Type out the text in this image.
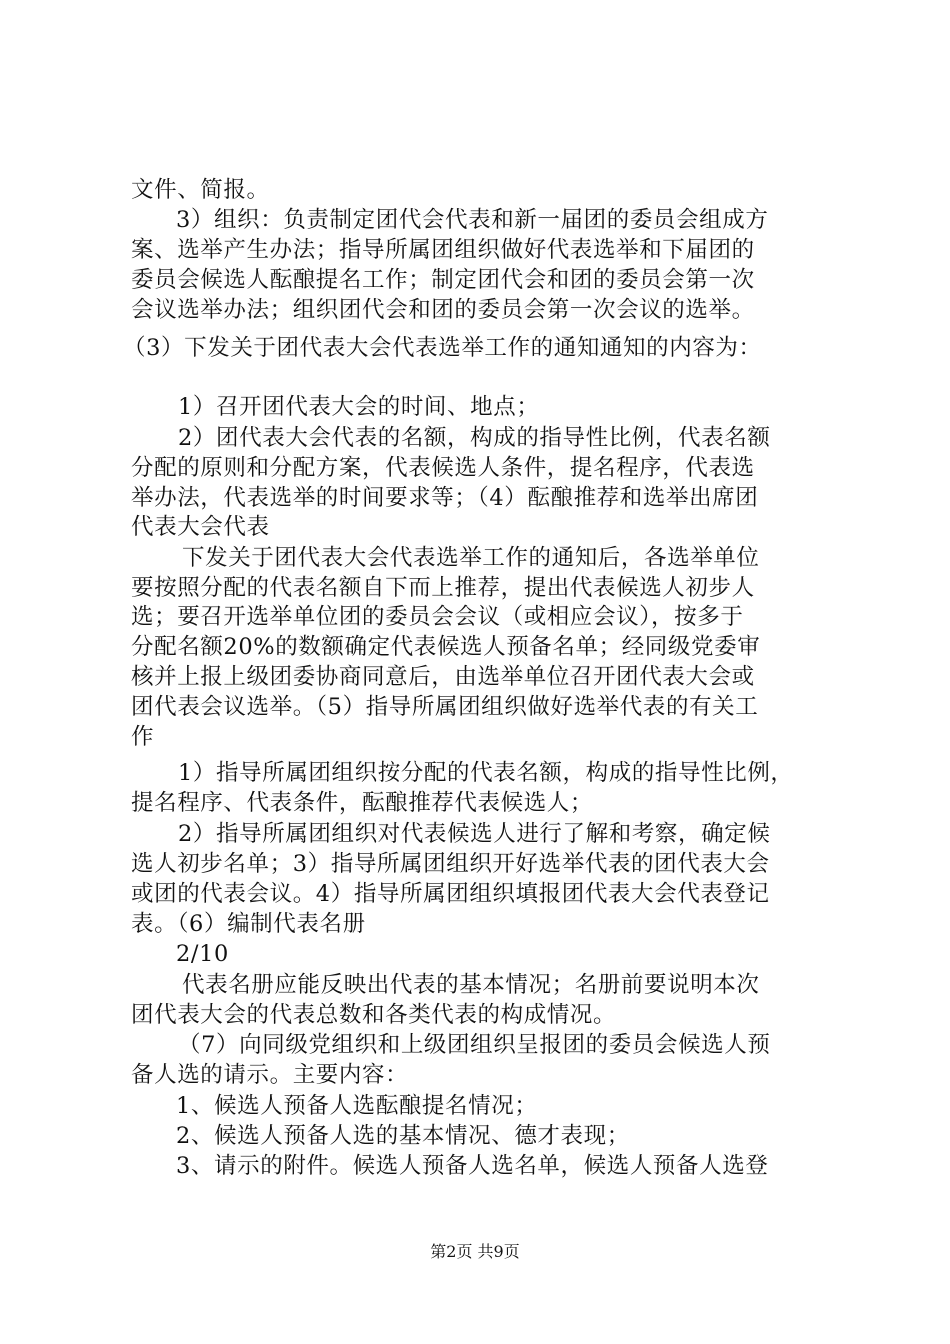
文件、简报。
3）组织：负责制定团代会代表和新一届团的委员会组成方
案、选举产生办法；指导所属团组织做好代表选举和下届团的
委员会候选人酝酿提名工作；制定团代会和团的委员会第一次
会议选举办法；组织团代会和团的委员会第一次会议的选举。
（3）下发关于团代表大会代表选举工作的通知通知的内容为：
1）召开团代表大会的时间、地点；
2）团代表大会代表的名额，构成的指导性比例，代表名额
分配的原则和分配方案，代表候选人条件，提名程序，代表选
举办法，代表选举的时间要求等；（4）酝酿推荐和选举出席团
代表大会代表
下发关于团代表大会代表选举工作的通知后，各选举单位
要按照分配的代表名额自下而上推荐，提出代表候选人初步人
选；要召开选举单位团的委员会会议（或相应会议），按多于
分配名额20%的数额确定代表候选人预备名单；经同级党委审
核并上报上级团委协商同意后，由选举单位召开团代表大会或
团代表会议选举。（5）指导所属团组织做好选举代表的有关工
作
1）指导所属团组织按分配的代表名额，构成的指导性比例，
提名程序、代表条件，酝酿推荐代表候选人；
2）指导所属团组织对代表候选人进行了解和考察，确定候
选人初步名单；3）指导所属团组织开好选举代表的团代表大会
或团的代表会议。4）指导所属团组织填报团代表大会代表登记
表。（6）编制代表名册
2/10
代表名册应能反映出代表的基本情况；名册前要说明本次
团代表大会的代表总数和各类代表的构成情况。
（7）向同级党组织和上级团组织呈报团的委员会候选人预
备人选的请示。主要内容：
1、候选人预备人选酝酿提名情况；
2、候选人预备人选的基本情况、德才表现；
3、请示的附件。候选人预备人选名单，候选人预备人选登
第2页 共9页
